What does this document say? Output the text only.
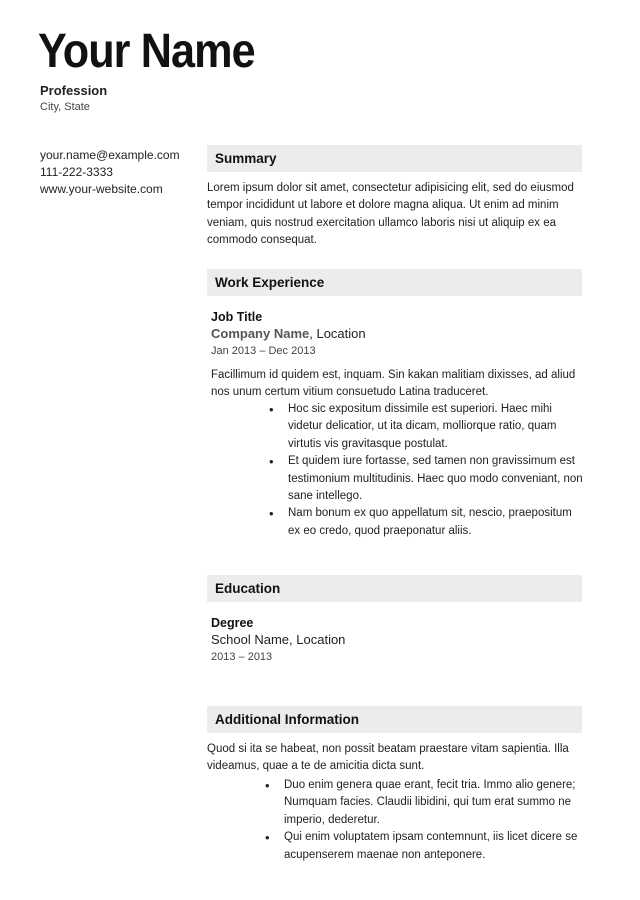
Your Name
Profession
City, State
your.name@example.com
111-222-3333
www.your-website.com
Summary
Lorem ipsum dolor sit amet, consectetur adipisicing elit, sed do eiusmod tempor incididunt ut labore et dolore magna aliqua. Ut enim ad minim veniam, quis nostrud exercitation ullamco laboris nisi ut aliquip ex ea commodo consequat.
Work Experience
Job Title
Company Name, Location
Jan 2013 – Dec 2013
Facillimum id quidem est, inquam. Sin kakan malitiam dixisses, ad aliud nos unum certum vitium consuetudo Latina traduceret.
• Hoc sic expositum dissimile est superiori. Haec mihi videtur delicatior, ut ita dicam, molliorque ratio, quam virtutis vis gravitasque postulat.
• Et quidem iure fortasse, sed tamen non gravissimum est testimonium multitudinis. Haec quo modo conveniant, non sane intellego.
• Nam bonum ex quo appellatum sit, nescio, praepositum ex eo credo, quod praeponatur aliis.
Education
Degree
School Name, Location
2013 – 2013
Additional Information
Quod si ita se habeat, non possit beatam praestare vitam sapientia. Illa videamus, quae a te de amicitia dicta sunt.
• Duo enim genera quae erant, fecit tria. Immo alio genere; Numquam facies. Claudii libidini, qui tum erat summo ne imperio, dederetur.
• Qui enim voluptatem ipsam contemnunt, iis licet dicere se acupenserem maenae non anteponere.
